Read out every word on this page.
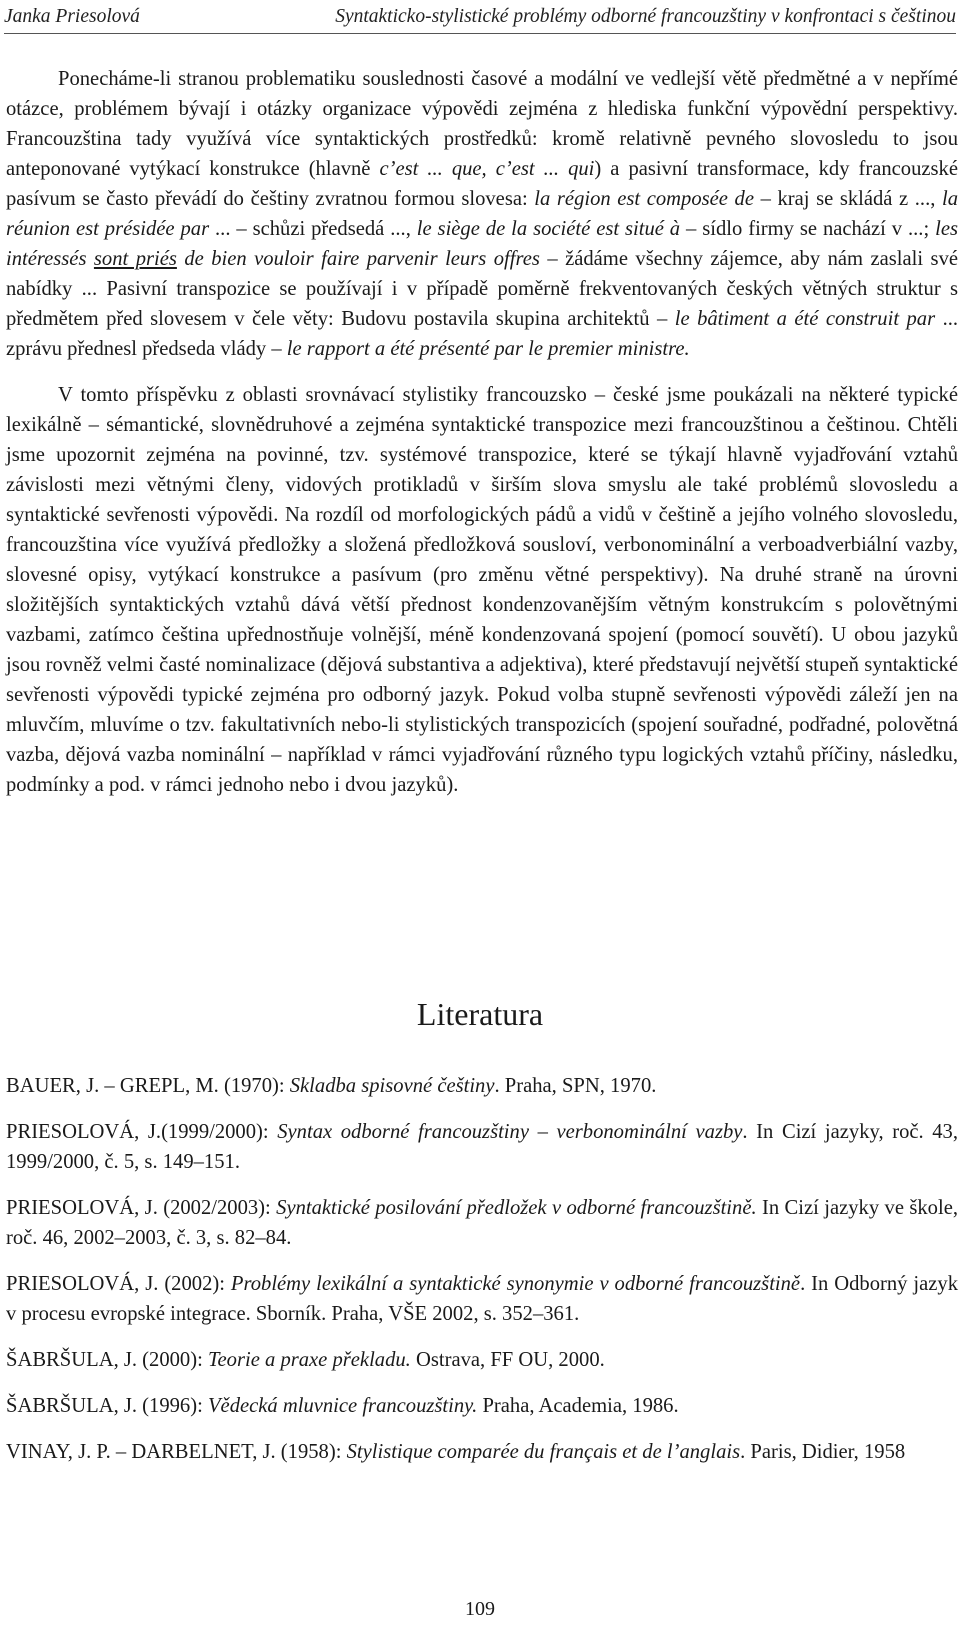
Janka Priesolová	Syntakticko-stylistické problémy odborné francouzštiny v konfrontaci s češtinou

Ponecháme-li stranou problematiku souslednosti časové a modální ve vedlejší větě předmětné a v nepřímé otázce, problémem bývají i otázky organizace výpovědi zejména z hlediska funkční výpovědní perspektivy. Francouzština tady využívá více syntaktických prostředků: kromě relativně pevného slovosledu to jsou anteponované vytýkací konstrukce (hlavně c’est ... que, c’est ... qui) a pasivní transformace, kdy francouzské pasívum se často převádí do češtiny zvratnou formou slovesa: la région est composée de – kraj se skládá z ..., la réunion est présidée par ... – schůzi předsedá ..., le siège de la société est situé à – sídlo firmy se nachází v ...; les intéressés sont priés de bien vouloir faire parvenir leurs offres – žádáme všechny zájemce, aby nám zaslali své nabídky ... Pasivní transpozice se používají i v případě poměrně frekventovaných českých větných struktur s předmětem před slovesem v čele věty: Budovu postavila skupina architektů – le bâtiment a été construit par ... zprávu přednesl předseda vlády – le rapport a été présenté par le premier ministre.

V tomto příspěvku z oblasti srovnávací stylistiky francouzsko – české jsme poukázali na některé typické lexikálně – sémantické, slovnědruhové a zejména syntaktické transpozice mezi francouzštinou a češtinou. Chtěli jsme upozornit zejména na povinné, tzv. systémové transpozice, které se týkají hlavně vyjadřování vztahů závislosti mezi větnými členy, vidových protikladů v širším slova smyslu ale také problémů slovosledu a syntaktické sevřenosti výpovědi. Na rozdíl od morfologických pádů a vidů v češtině a jejího volného slovosledu, francouzština více využívá předložky a složená předložková sousloví, verbonominální a verboadverbiální vazby, slovesné opisy, vytýkací konstrukce a pasívum (pro změnu větné perspektivy). Na druhé straně na úrovni složitějších syntaktických vztahů dává větší přednost kondenzovanějším větným konstrukcím s polovětnými vazbami, zatímco čeština upřednostňuje volnější, méně kondenzovaná spojení (pomocí souvětí). U obou jazyků jsou rovněž velmi časté nominalizace (dějová substantiva a adjektiva), které představují největší stupeň syntaktické sevřenosti výpovědi typické zejména pro odborný jazyk. Pokud volba stupně sevřenosti výpovědi záleží jen na mluvčím, mluvíme o tzv. fakultativních nebo-li stylistických transpozicích (spojení souřadné, podřadné, polovětná vazba, dějová vazba nominální – například v rámci vyjadřování různého typu logických vztahů příčiny, následku, podmínky a pod. v rámci jednoho nebo i dvou jazyků).

Literatura

BAUER, J. – GREPL, M. (1970): Skladba spisovné češtiny. Praha, SPN, 1970.

PRIESOLOVÁ, J.(1999/2000): Syntax odborné francouzštiny – verbonominální vazby. In Cizí jazyky, roč. 43, 1999/2000, č. 5, s. 149–151.

PRIESOLOVÁ, J. (2002/2003): Syntaktické posilování předložek v odborné francouzštině. In Cizí jazyky ve škole, roč. 46, 2002–2003, č. 3, s. 82–84.

PRIESOLOVÁ, J. (2002): Problémy lexikální a syntaktické synonymie v odborné francouzštině. In Odborný jazyk v procesu evropské integrace. Sborník. Praha, VŠE 2002, s. 352–361.

ŠABRŠULA, J. (2000): Teorie a praxe překladu. Ostrava, FF OU, 2000.

ŠABRŠULA, J. (1996): Vědecká mluvnice francouzštiny. Praha, Academia, 1986.

VINAY, J. P. – DARBELNET, J. (1958): Stylistique comparée du français et de l’anglais. Paris, Didier, 1958

109
